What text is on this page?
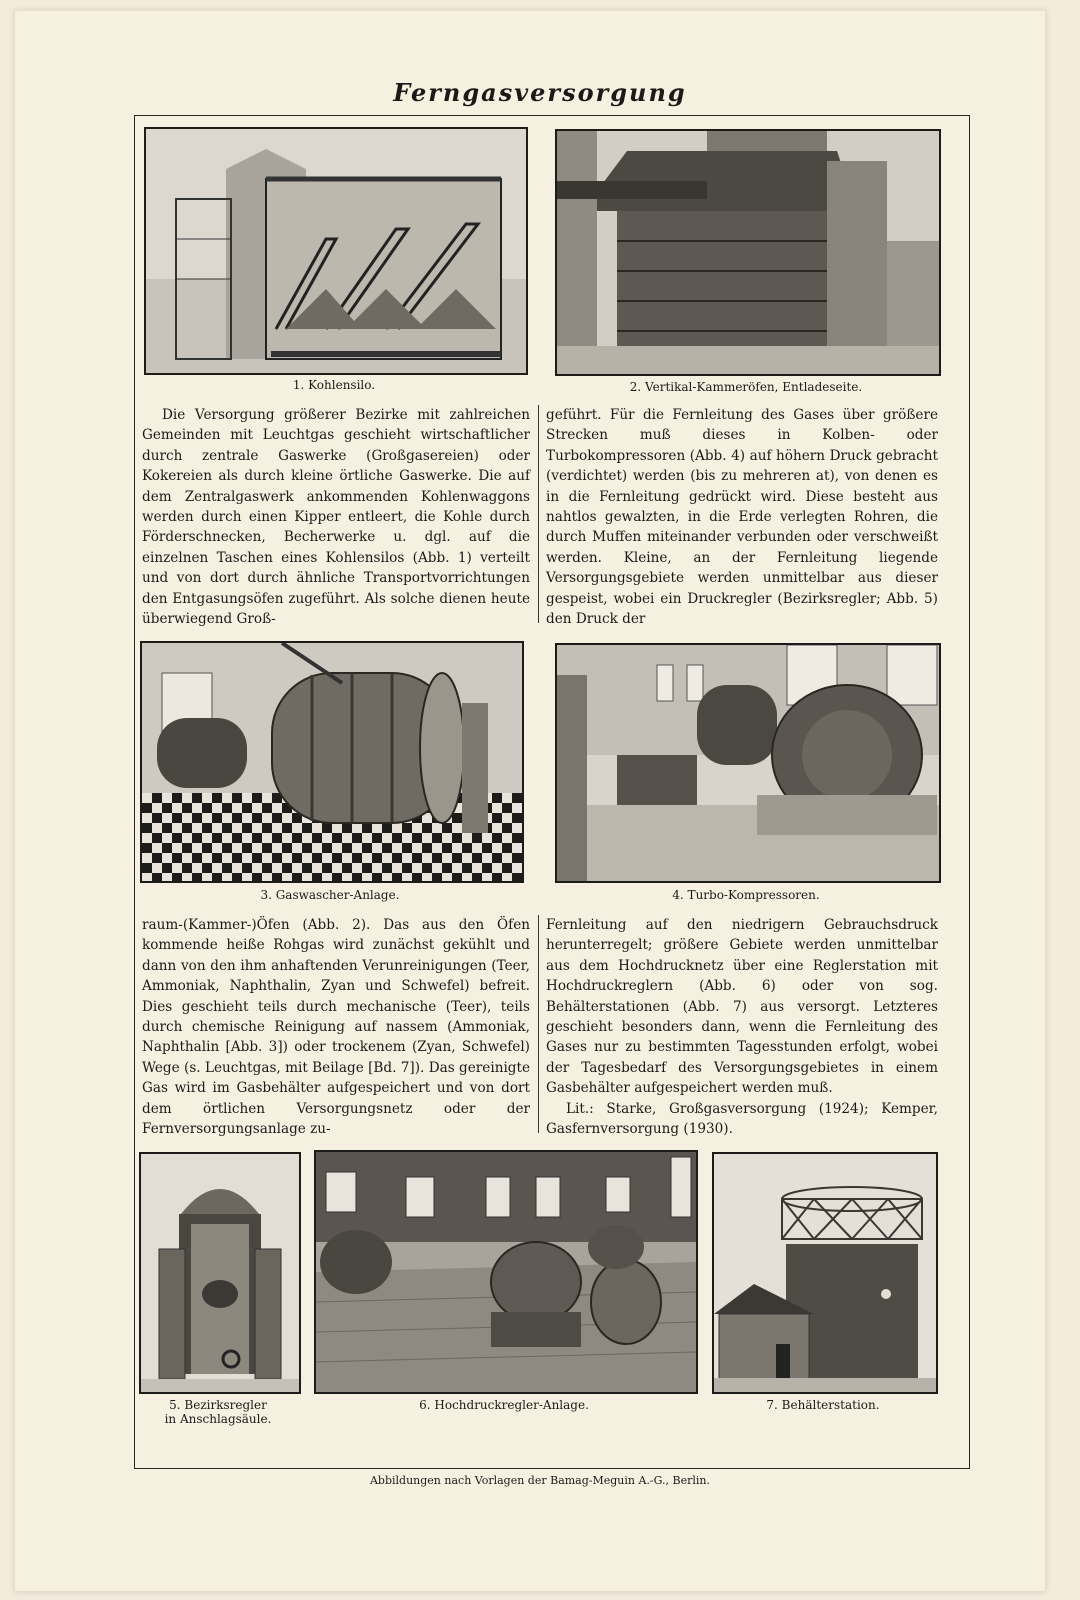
Ferngasversorgung
1. Kohlensilo.	2. Vertikal-Kammeröfen, Entladeseite.

Die Versorgung größerer Bezirke mit zahlreichen Gemeinden mit Leuchtgas geschieht wirtschaftlicher durch zentrale Gaswerke (Großgasereien) oder Kokereien als durch kleine örtliche Gaswerke. Die auf dem Zentralgaswerk ankommenden Kohlenwaggons werden durch einen Kipper entleert, die Kohle durch Förderschnecken, Becherwerke u. dgl. auf die einzelnen Taschen eines Kohlensilos (Abb. 1) verteilt und von dort durch ähnliche Transportvorrichtungen den Entgasungsöfen zugeführt. Als solche dienen heute überwiegend Groß-

geführt. Für die Fernleitung des Gases über größere Strecken muß dieses in Kolben- oder Turbokompressoren (Abb. 4) auf höhern Druck gebracht (verdichtet) werden (bis zu mehreren at), von denen es in die Fernleitung gedrückt wird. Diese besteht aus nahtlos gewalzten, in die Erde verlegten Rohren, die durch Muffen miteinander verbunden oder verschweißt werden. Kleine, an der Fernleitung liegende Versorgungsgebiete werden unmittelbar aus dieser gespeist, wobei ein Druckregler (Bezirksregler; Abb. 5) den Druck der

3. Gaswascher-Anlage.	4. Turbo-Kompressoren.

raum-(Kammer-)Öfen (Abb. 2). Das aus den Öfen kommende heiße Rohgas wird zunächst gekühlt und dann von den ihm anhaftenden Verunreinigungen (Teer, Ammoniak, Naphthalin, Zyan und Schwefel) befreit. Dies geschieht teils durch mechanische (Teer), teils durch chemische Reinigung auf nassem (Ammoniak, Naphthalin [Abb. 3]) oder trockenem (Zyan, Schwefel) Wege (s. Leuchtgas, mit Beilage [Bd. 7]). Das gereinigte Gas wird im Gasbehälter aufgespeichert und von dort dem örtlichen Versorgungsnetz oder der Fernversorgungsanlage zu-

Fernleitung auf den niedrigern Gebrauchsdruck herunterregelt; größere Gebiete werden unmittelbar aus dem Hochdrucknetz über eine Reglerstation mit Hochdruckreglern (Abb. 6) oder von sog. Behälterstationen (Abb. 7) aus versorgt. Letzteres geschieht besonders dann, wenn die Fernleitung des Gases nur zu bestimmten Tagesstunden erfolgt, wobei der Tagesbedarf des Versorgungsgebietes in einem Gasbehälter aufgespeichert werden muß.

Lit.: Starke, Großgasversorgung (1924); Kemper, Gasfernversorgung (1930).

5. Bezirksregler
in Anschlagsäule.
6. Hochdruckregler-Anlage.	7. Behälterstation.
Abbildungen nach Vorlagen der Bamag-Meguin A.-G., Berlin.
